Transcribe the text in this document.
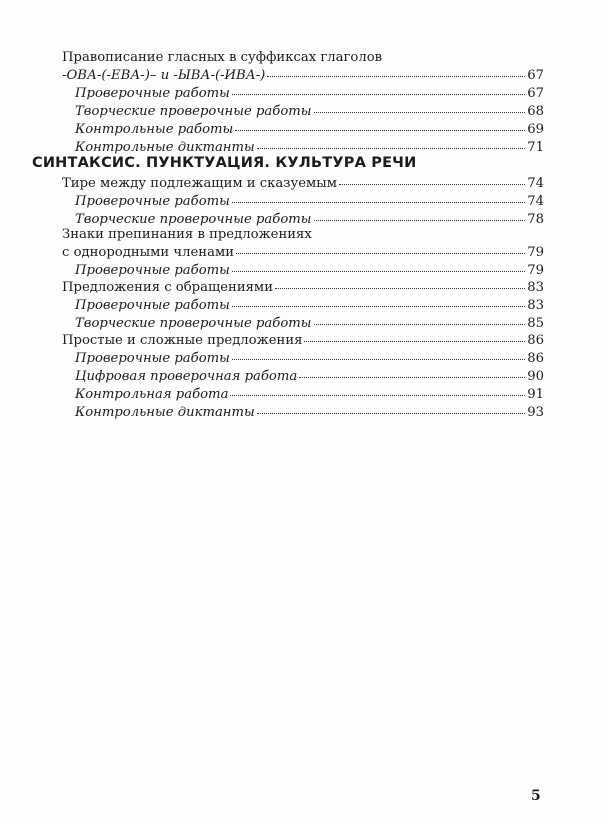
Правописание гласных в суффиксах глаголов
-ОВА-(-ЕВА-)– и -ЫВА-(-ИВА-)	67
Проверочные работы	67
Творческие проверочные работы	68
Контрольные работы	69
Контрольные диктанты	71
СИНТАКСИС. ПУНКТУАЦИЯ. КУЛЬТУРА РЕЧИ
Тире между подлежащим и сказуемым	74
Проверочные работы	74
Творческие проверочные работы	78
Знаки препинания в предложениях
с однородными членами	79
Проверочные работы	79
Предложения с обращениями	83
Проверочные работы	83
Творческие проверочные работы	85
Простые и сложные предложения	86
Проверочные работы	86
Цифровая проверочная работа	90
Контрольная работа	91
Контрольные диктанты	93
5
